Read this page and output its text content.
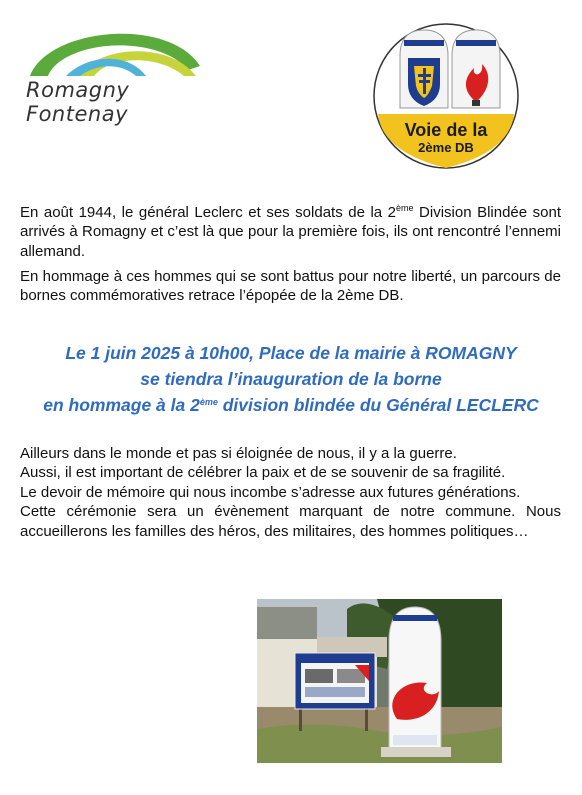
Romagny Fontenay
Voie de la
2ème DB

En août 1944, le général Leclerc et ses soldats de la 2ème Division Blindée sont arrivés à Romagny et c’est là que pour la première fois, ils ont rencontré l’ennemi allemand.

En hommage à ces hommes qui se sont battus pour notre liberté, un parcours de bornes commémoratives retrace l’épopée de la 2ème DB.

Le 1 juin 2025 à 10h00, Place de la mairie à ROMAGNY
se tiendra l’inauguration de la borne
en hommage à la 2ème division blindée du Général LECLERC
Ailleurs dans le monde et pas si éloignée de nous, il y a la guerre.
Aussi, il est important de célébrer la paix et de se souvenir de sa fragilité.
Le devoir de mémoire qui nous incombe s’adresse aux futures générations.
Cette cérémonie sera un évènement marquant de notre commune. Nous accueillerons les familles des héros, des militaires, des hommes politiques…
